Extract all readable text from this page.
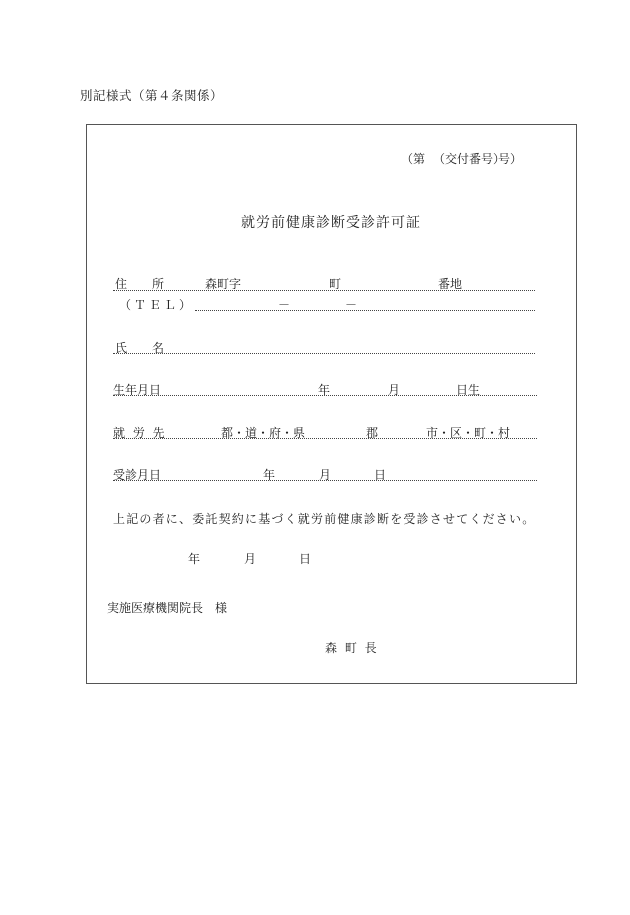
別記様式（第４条関係）
（第 （交付番号）
号）
就労前健康診断受診許可証
住 所	森町字	町	番地
（ＴＥＬ）	－	－
氏 名
生年月日	年	月	日生
就 労 先	都・道・府・県	郡	市・区・町・村
受診月日	年	月	日
上記の者に、委託契約に基づく就労前健康診断を受診させてください。
年	月	日
実施医療機関院長　様
森 町 長
